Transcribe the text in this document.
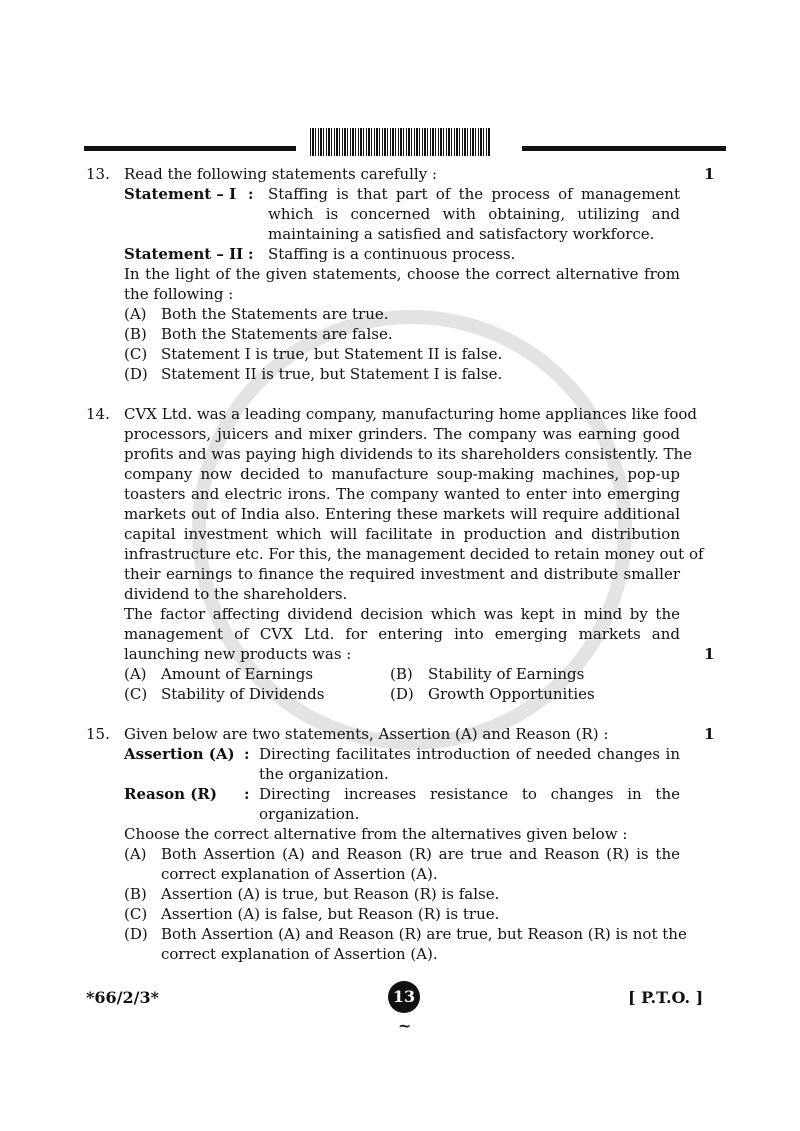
13.	1
Read the following statements carefully :
Statement – I : Staffing is that part of the process of management
which is concerned with obtaining, utilizing and
maintaining a satisfied and satisfactory workforce.
Statement – II : Staffing is a continuous process.
In the light of the given statements, choose the correct alternative from
the following :
(A) Both the Statements are true.
(B) Both the Statements are false.
(C) Statement I is true, but Statement II is false.
(D) Statement II is true, but Statement I is false.
14. CVX Ltd. was a leading company, manufacturing home appliances like food
processors, juicers and mixer grinders. The company was earning good
profits and was paying high dividends to its shareholders consistently. The
company now decided to manufacture soup-making machines, pop-up
toasters and electric irons. The company wanted to enter into emerging
markets out of India also. Entering these markets will require additional
capital investment which will facilitate in production and distribution
infrastructure etc. For this, the management decided to retain money out of
their earnings to finance the required investment and distribute smaller
dividend to the shareholders.
The factor affecting dividend decision which was kept in mind by the
management of CVX Ltd. for entering into emerging markets and
launching new products was :	1
(A) Amount of Earnings	(B) Stability of Earnings
(C) Stability of Dividends	(D) Growth Opportunities
15. Given below are two statements, Assertion (A) and Reason (R) :	1
Assertion (A) : Directing facilitates introduction of needed changes in
the organization.
Reason (R) : Directing increases resistance to changes in the
organization.
Choose the correct alternative from the alternatives given below :
(A) Both Assertion (A) and Reason (R) are true and Reason (R) is the
correct explanation of Assertion (A).
(B) Assertion (A) is true, but Reason (R) is false.
(C) Assertion (A) is false, but Reason (R) is true.
(D) Both Assertion (A) and Reason (R) are true, but Reason (R) is not the
correct explanation of Assertion (A).
*66/2/3*	13	[ P.T.O. ]
~
